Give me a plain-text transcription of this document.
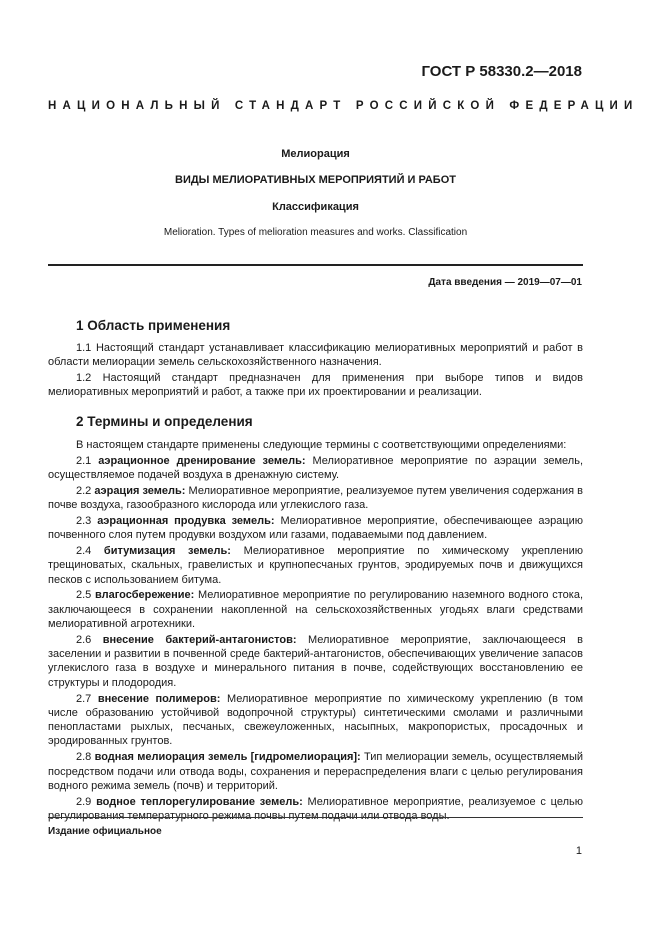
ГОСТ Р 58330.2—2018
НАЦИОНАЛЬНЫЙ СТАНДАРТ РОССИЙСКОЙ ФЕДЕРАЦИИ
Мелиорация
ВИДЫ МЕЛИОРАТИВНЫХ МЕРОПРИЯТИЙ И РАБОТ
Классификация
Melioration. Types of melioration measures and works. Classification
Дата введения — 2019—07—01
1 Область применения

1.1 Настоящий стандарт устанавливает классификацию мелиоративных мероприятий и работ в области мелиорации земель сельскохозяйственного назначения.

1.2 Настоящий стандарт предназначен для применения при выборе типов и видов мелиоративных мероприятий и работ, а также при их проектировании и реализации.

2 Термины и определения

В настоящем стандарте применены следующие термины с соответствующими определениями:

2.1 аэрационное дренирование земель: Мелиоративное мероприятие по аэрации земель, осуществляемое подачей воздуха в дренажную систему.

2.2 аэрация земель: Мелиоративное мероприятие, реализуемое путем увеличения содержания в почве воздуха, газообразного кислорода или углекислого газа.

2.3 аэрационная продувка земель: Мелиоративное мероприятие, обеспечивающее аэрацию почвенного слоя путем продувки воздухом или газами, подаваемыми под давлением.

2.4 битумизация земель: Мелиоративное мероприятие по химическому укреплению трещиноватых, скальных, гравелистых и крупнопесчаных грунтов, эродируемых почв и движущихся песков с использованием битума.

2.5 влагосбережение: Мелиоративное мероприятие по регулированию наземного водного стока, заключающееся в сохранении накопленной на сельскохозяйственных угодьях влаги средствами мелиоративной агротехники.

2.6 внесение бактерий-антагонистов: Мелиоративное мероприятие, заключающееся в заселении и развитии в почвенной среде бактерий-антагонистов, обеспечивающих увеличение запасов углекислого газа в воздухе и минерального питания в почве, содействующих восстановлению ее структуры и плодородия.

2.7 внесение полимеров: Мелиоративное мероприятие по химическому укреплению (в том числе образованию устойчивой водопрочной структуры) синтетическими смолами и различными пенопластами рыхлых, песчаных, свежеуложенных, насыпных, макропористых, просадочных и эродированных грунтов.

2.8 водная мелиорация земель [гидромелиорация]: Тип мелиорации земель, осуществляемый посредством подачи или отвода воды, сохранения и перераспределения влаги с целью регулирования водного режима земель (почв) и территорий.

2.9 водное теплорегулирование земель: Мелиоративное мероприятие, реализуемое с целью регулирования температурного режима почвы путем подачи или отвода воды.

Издание официальное
1
